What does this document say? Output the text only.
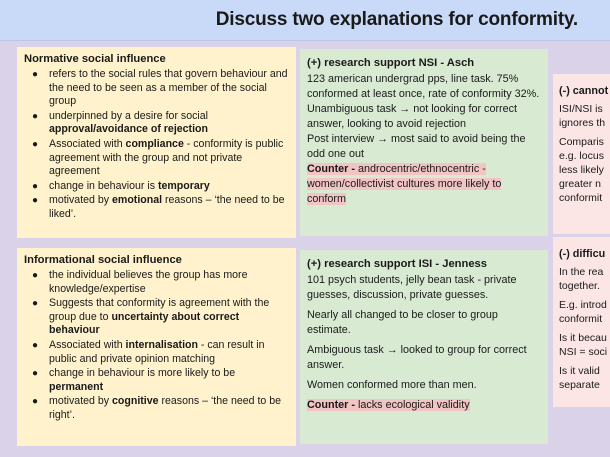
Discuss two explanations for conformity.
Normative social influence
● refers to the social rules that govern behaviour and the need to be seen as a member of the social group
● underpinned by a desire for social approval/avoidance of rejection
● Associated with compliance - conformity is public agreement with the group and not private agreement
● change in behaviour is temporary
● motivated by emotional reasons – ‘the need to be liked’.
Informational social influence
● the individual believes the group has more knowledge/expertise
● Suggests that conformity is agreement with the group due to uncertainty about correct behaviour
● Associated with internalisation - can result in public and private opinion matching
● change in behaviour is more likely to be permanent
● motivated by cognitive reasons – ‘the need to be right’.
(+) research support NSI - Asch

123 american undergrad pps, line task. 75% conformed at least once, rate of conformity 32%.

Unambiguous task → not looking for correct answer, looking to avoid rejection

Post interview → most said to avoid being the odd one out

Counter - androcentric/ethnocentric - women/collectivist cultures more likely to conform

(+) research support ISI - Jenness

101 psych students, jelly bean task - private guesses, discussion, private guesses.

Nearly all changed to be closer to group estimate.

Ambiguous task → looked to group for correct answer.

Women conformed more than men.

Counter - lacks ecological validity

(-) cannot
ISI/NSI is
ignores th
Comparis
e.g. locus
less likely
greater n
conformit
(-) difficu
In the rea
together.
E.g. introd
conformit
Is it becau
NSI = soci
Is it valid
separate
